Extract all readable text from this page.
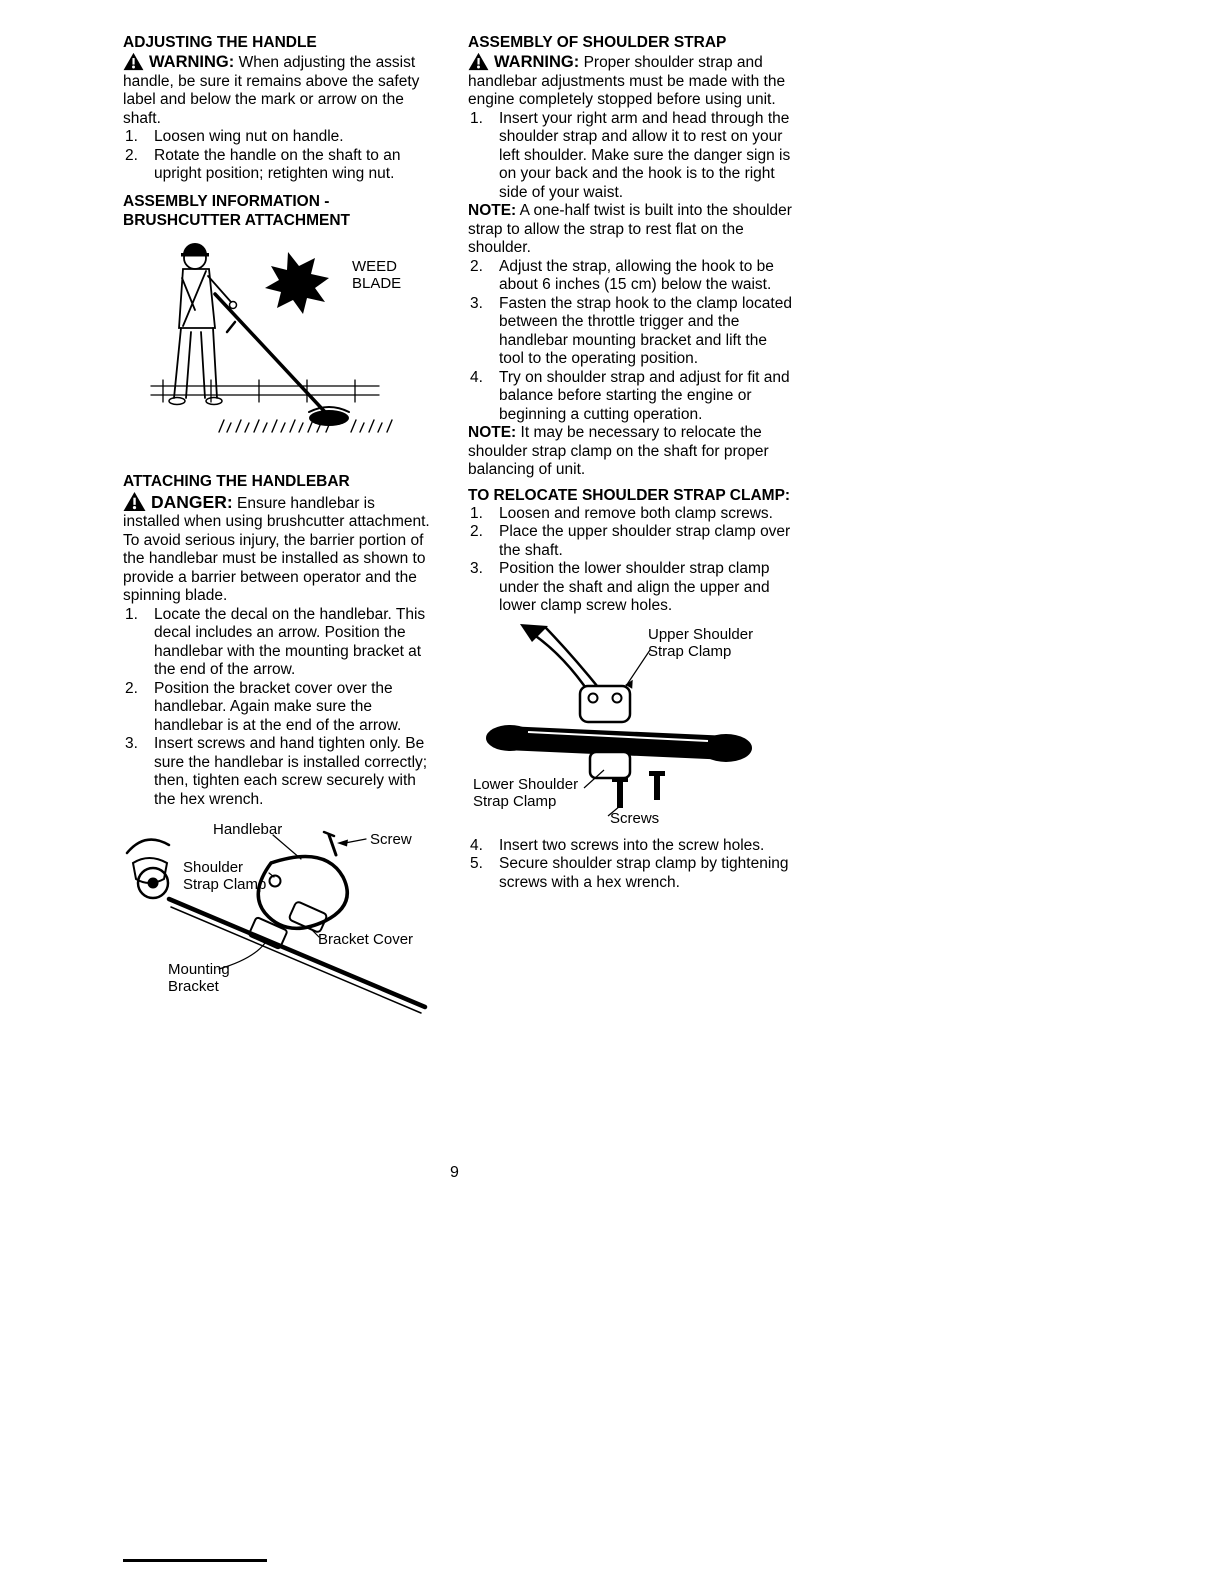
ADJUSTING THE HANDLE

WARNING: When adjusting the assist handle, be sure it remains above the safety label and below the mark or arrow on the shaft.

Loosen wing nut on handle.
Rotate the handle on the shaft to an upright position; retighten wing nut.
ASSEMBLY INFORMATION - BRUSHCUTTER ATTACHMENT
WEED BLADE
ATTACHING THE HANDLEBAR

DANGER: Ensure handlebar is installed when using brushcutter attachment. To avoid serious injury, the barrier portion of the handlebar must be installed as shown to provide a barrier between operator and the spinning blade.

Locate the decal on the handlebar. This decal includes an arrow. Position the handlebar with the mounting bracket at the end of the arrow.
Position the bracket cover over the handlebar. Again make sure the handlebar is at the end of the arrow.
Insert screws and hand tighten only. Be sure the handlebar is installed correctly; then, tighten each screw securely with the hex wrench.
Handlebar
Screw
Shoulder Strap Clamp
Bracket Cover
Mounting Bracket
ASSEMBLY OF SHOULDER STRAP

WARNING: Proper shoulder strap and handlebar adjustments must be made with the engine completely stopped before using unit.

Insert your right arm and head through the shoulder strap and allow it to rest on your left shoulder. Make sure the danger sign is on your back and the hook is to the right side of your waist.

NOTE: A one-half twist is built into the shoulder strap to allow the strap to rest flat on the shoulder.

Adjust the strap, allowing the hook to be about 6 inches (15 cm) below the waist.
Fasten the strap hook to the clamp located between the throttle trigger and the handlebar mounting bracket and lift the tool to the operating position.
Try on shoulder strap and adjust for fit and balance before starting the engine or beginning a cutting operation.

NOTE: It may be necessary to relocate the shoulder strap clamp on the shaft for proper balancing of unit.

TO RELOCATE SHOULDER STRAP CLAMP:
Loosen and remove both clamp screws.
Place the upper shoulder strap clamp over the shaft.
Position the lower shoulder strap clamp under the shaft and align the upper and lower clamp screw holes.
Upper Shoulder Strap Clamp
Lower Shoulder Strap Clamp
Screws
Insert two screws into the screw holes.
Secure shoulder strap clamp by tightening screws with a hex wrench.
9
